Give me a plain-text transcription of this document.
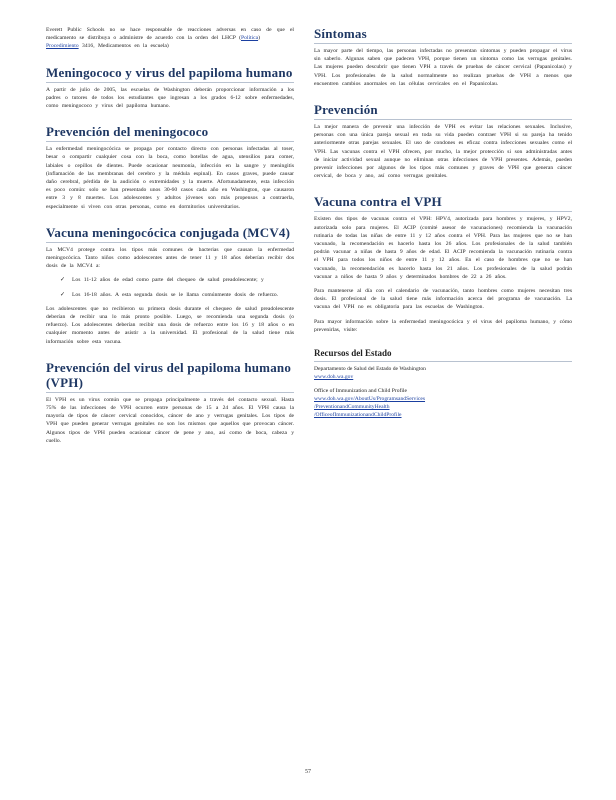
Everett Public Schools no se hace responsable de reacciones adversas en caso de que el medicamento se distribuya o administre de acuerdo con la orden del LHCP (Política)
Procedimiento 3416, Medicamentos en la escuela)

Meningococo y virus del papiloma humano

A partir de julio de 2005, las escuelas de Washington deberán proporcionar información a los padres o tutores de todos los estudiantes que ingresan a los grados 6-12 sobre enfermedades, como meningococo y virus del papiloma humano.

Prevención del meningococo

La enfermedad meningocócica se propaga por contacto directo con personas infectadas al toser, besar o compartir cualquier cosa con la boca, como botellas de agua, utensilios para comer, labiales o cepillos de dientes. Puede ocasionar neumonía, infección en la sangre y meningitis (inflamación de las membranas del cerebro y la médula espinal). En casos graves, puede causar daño cerebral, pérdida de la audición o extremidades y la muerte. Afortunadamente, esta infección es poco común: solo se han presentado unos 30-60 casos cada año en Washington, que causaron entre 3 y 8 muertes. Los adolescentes y adultos jóvenes son más propensos a contraerla, especialmente si viven con otras personas, como en dormitorios universitarios.

Vacuna meningocócica conjugada (MCV4)

La MCV4 protege contra los tipos más comunes de bacterias que causan la enfermedad meningocócica. Tanto niños como adolescentes antes de tener 11 y 18 años deberían recibir dos dosis de la MCV4 a:

✓	Los 11-12 años de edad como parte del chequeo de salud preadolescente; y

✓	Los 16-18 años. A esta segunda dosis se le llama comúnmente dosis de refuerzo.

Los adolescentes que no recibieron su primera dosis durante el chequeo de salud preadolescente deberían de recibir una lo más pronto posible. Luego, se recomienda una segunda dosis (o refuerzo). Los adolescentes deberían recibir una dosis de refuerzo entre los 16 y 18 años o en cualquier momento antes de asistir a la universidad. El profesional de la salud tiene más información sobre esta vacuna.

Prevención del virus del papiloma humano (VPH)

El VPH es un virus común que se propaga principalmente a través del contacto sexual. Hasta 75% de las infecciones de VPH ocurren entre personas de 15 a 24 años. El VPH causa la mayoría de tipos de cáncer cervical conocidos, cáncer de ano y verrugas genitales. Los tipos de VPH que pueden generar verrugas genitales no son los mismos que aquellos que provocan cáncer. Algunos tipos de VPH pueden ocasionar cáncer de pene y ano, así como de boca, cabeza y cuello.

Síntomas

La mayor parte del tiempo, las personas infectadas no presentan síntomas y pueden propagar el virus sin saberlo. Algunas saben que padecen VPH, porque tienen un síntoma como las verrugas genitales. Las mujeres pueden descubrir que tienen VPH a través de pruebas de cáncer cervical (Papanicolau) y VPH. Los profesionales de la salud normalmente no realizan pruebas de VPH a menos que encuentren cambios anormales en las células cervicales en el Papanicolau.

Prevención

La mejor manera de prevenir una infección de VPH es evitar las relaciones sexuales. Inclusive, personas con una única pareja sexual en toda su vida pueden contraer VPH si su pareja ha tenido anteriormente otras parejas sexuales. El uso de condones es eficaz contra infecciones sexuales como el VPH. Las vacunas contra el VPH ofrecen, por mucho, la mejor protección si son administradas antes de iniciar actividad sexual aunque no eliminan otras infecciones de VPH presentes. Además, pueden prevenir infecciones por algunos de los tipos más comunes y graves de VPH que generan cáncer cervical, de boca y ano, así como verrugas genitales.

Vacuna contra el VPH

Existen dos tipos de vacunas contra el VPH: HPV4, autorizada para hombres y mujeres, y HPV2, autorizada solo para mujeres. El ACIP (comité asesor de vacunaciones) recomienda la vacunación rutinaria de todas las niñas de entre 11 y 12 años contra el VPH. Para las mujeres que no se han vacunado, la recomendación es hacerlo hasta los 26 años. Los profesionales de la salud también podrán vacunar a niñas de hasta 9 años de edad. El ACIP recomienda la vacunación rutinaria contra el VPH para todos los niños de entre 11 y 12 años. En el caso de hombres que no se han vacunado, la recomendación es hacerlo hasta los 21 años. Los profesionales de la salud podrán vacunar a niños de hasta 9 años y determinados hombres de 22 a 26 años.

Para mantenerse al día con el calendario de vacunación, tanto hombres como mujeres necesitan tres dosis. El profesional de la salud tiene más información acerca del programa de vacunación. La vacuna del VPH no es obligatoria para las escuelas de Washington.

Para mayor información sobre la enfermedad meningocócica y el virus del papiloma humano, y cómo prevenirlas, visite:

Recursos del Estado
Departamento de Salud del Estado de Washington
www.doh.wa.gov
Office of Immunization and Child Profile
www.doh.wa.gov/AboutUs/ProgramsandServices
/PreventionandCommunityHealth
/OfficeofImmunizationandChildProfile
57
